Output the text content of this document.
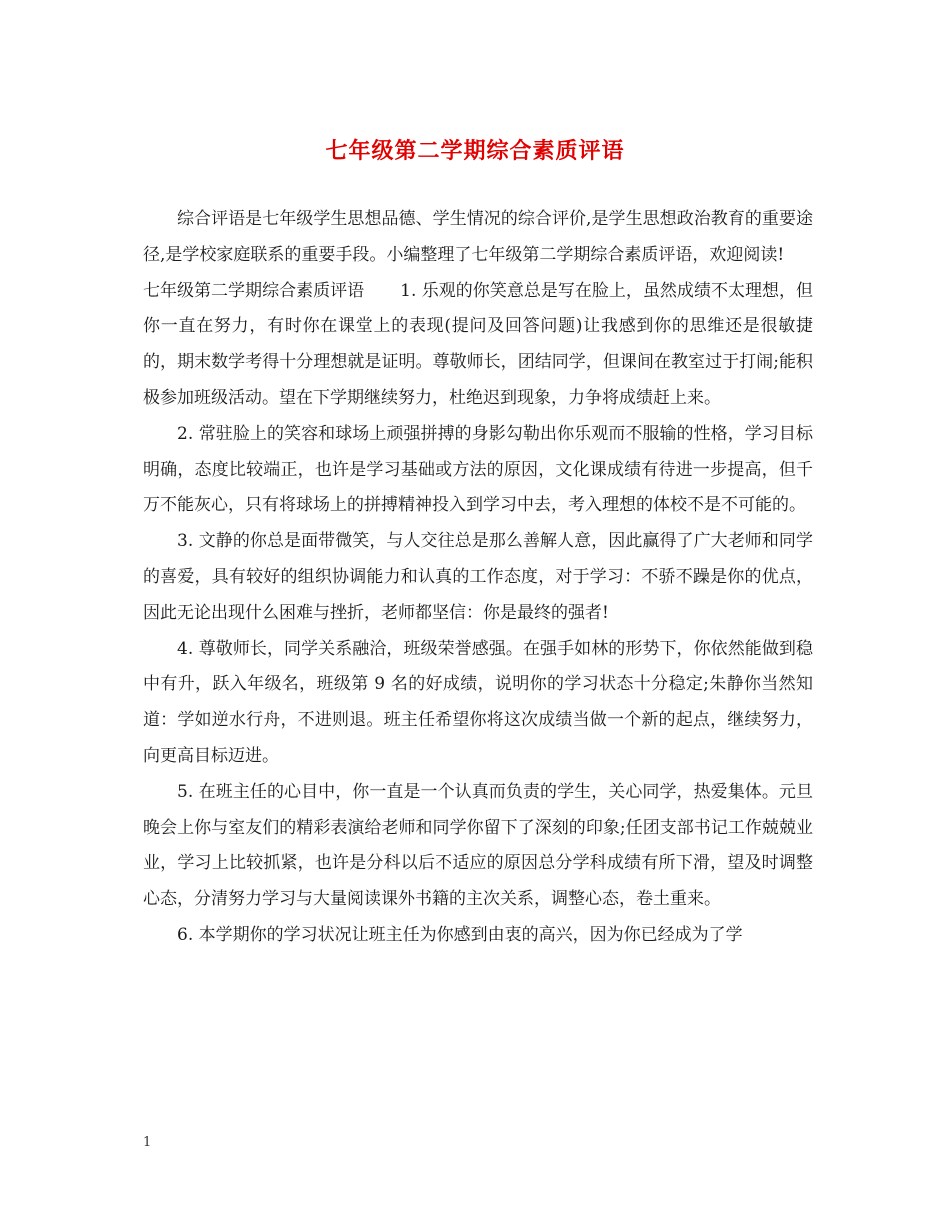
七年级第二学期综合素质评语

综合评语是七年级学生思想品德、学生情况的综合评价,是学生思想政治教育的重要途径,是学校家庭联系的重要手段。小编整理了七年级第二学期综合素质评语，欢迎阅读!

七年级第二学期综合素质评语 1. 乐观的你笑意总是写在脸上，虽然成绩不太理想，但你一直在努力，有时你在课堂上的表现(提问及回答问题)让我感到你的思维还是很敏捷的，期末数学考得十分理想就是证明。尊敬师长，团结同学，但课间在教室过于打闹;能积极参加班级活动。望在下学期继续努力，杜绝迟到现象，力争将成绩赶上来。

2. 常驻脸上的笑容和球场上顽强拼搏的身影勾勒出你乐观而不服输的性格，学习目标明确，态度比较端正，也许是学习基础或方法的原因，文化课成绩有待进一步提高，但千万不能灰心，只有将球场上的拼搏精神投入到学习中去，考入理想的体校不是不可能的。

3. 文静的你总是面带微笑，与人交往总是那么善解人意，因此赢得了广大老师和同学的喜爱，具有较好的组织协调能力和认真的工作态度，对于学习：不骄不躁是你的优点，因此无论出现什么困难与挫折，老师都坚信：你是最终的强者!

4. 尊敬师长，同学关系融洽，班级荣誉感强。在强手如林的形势下，你依然能做到稳中有升，跃入年级名，班级第 9 名的好成绩，说明你的学习状态十分稳定;朱静你当然知道：学如逆水行舟，不进则退。班主任希望你将这次成绩当做一个新的起点，继续努力，向更高目标迈进。

5. 在班主任的心目中，你一直是一个认真而负责的学生，关心同学，热爱集体。元旦晚会上你与室友们的精彩表演给老师和同学你留下了深刻的印象;任团支部书记工作兢兢业业，学习上比较抓紧，也许是分科以后不适应的原因总分学科成绩有所下滑，望及时调整心态，分清努力学习与大量阅读课外书籍的主次关系，调整心态，卷土重来。

6. 本学期你的学习状况让班主任为你感到由衷的高兴，因为你已经成为了学

1
